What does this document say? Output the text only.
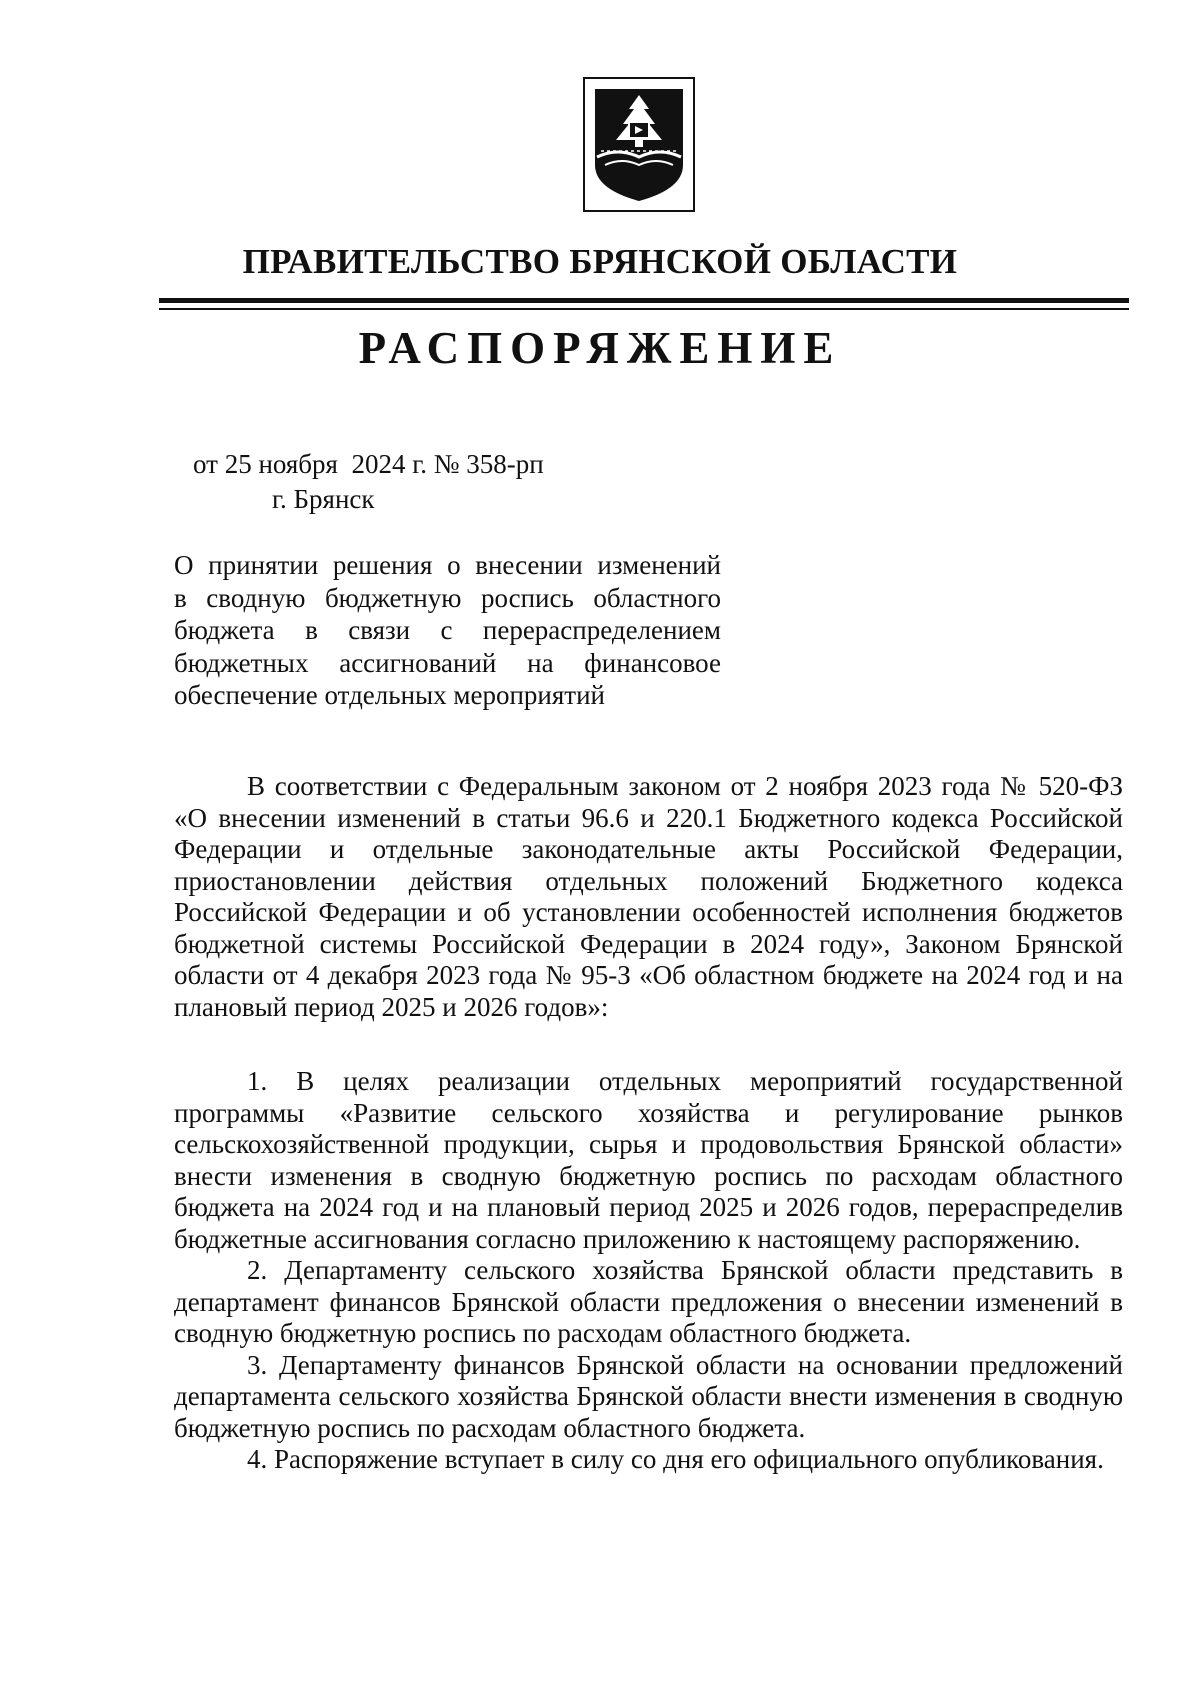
ПРАВИТЕЛЬСТВО БРЯНСКОЙ ОБЛАСТИ
РАСПОРЯЖЕНИЕ
от 25 ноября  2024 г. № 358-рп
г. Брянск
О принятии решения о внесении изменений
в сводную бюджетную роспись областного
бюджета в связи с перераспределением
бюджетных ассигнований на финансовое
обеспечение отдельных мероприятий

В соответствии с Федеральным законом от 2 ноября 2023 года № 520-ФЗ «О внесении изменений в статьи 96.6 и 220.1 Бюджетного кодекса Российской Федерации и отдельные законодательные акты Российской Федерации, приостановлении действия отдельных положений Бюджетного кодекса Российской Федерации и об установлении особенностей исполнения бюджетов бюджетной системы Российской Федерации в 2024 году», Законом Брянской области от 4 декабря 2023 года № 95-З «Об областном бюджете на 2024 год и на плановый период 2025 и 2026 годов»:

1. В целях реализации отдельных мероприятий государственной программы «Развитие сельского хозяйства и регулирование рынков сельскохозяйственной продукции, сырья и продовольствия Брянской области» внести изменения в сводную бюджетную роспись по расходам областного бюджета на 2024 год и на плановый период 2025 и 2026 годов, перераспределив бюджетные ассигнования согласно приложению к настоящему распоряжению.

2. Департаменту сельского хозяйства Брянской области представить в департамент финансов Брянской области предложения о внесении изменений в сводную бюджетную роспись по расходам областного бюджета.

3. Департаменту финансов Брянской области на основании предложений департамента сельского хозяйства Брянской области внести изменения в сводную бюджетную роспись по расходам областного бюджета.

4. Распоряжение вступает в силу со дня его официального опубликования.
